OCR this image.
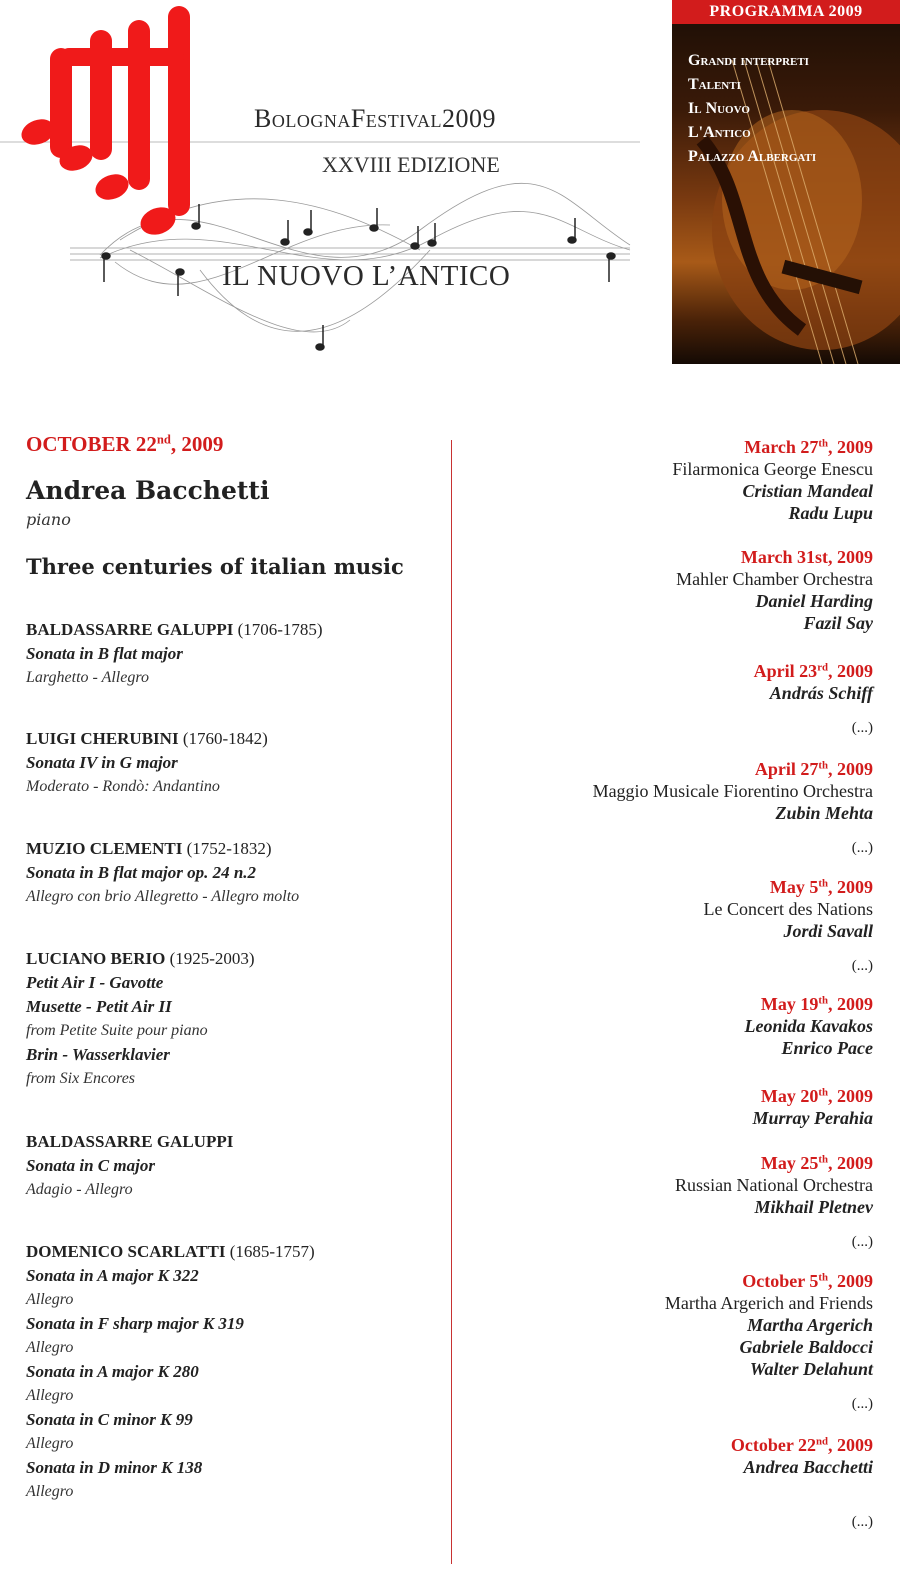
BolognaFestival2009
XXVIII EDIZIONE
IL NUOVO L’ANTICO
PROGRAMMA 2009
Grandi interpreti
Talenti
Il Nuovo
L'Antico
Palazzo Albergati
OCTOBER 22nd, 2009
Andrea Bacchetti
piano
Three centuries of italian music
BALDASSARRE GALUPPI (1706-1785)
Sonata in B flat major
Larghetto - Allegro
LUIGI CHERUBINI (1760-1842)
Sonata IV in G major
Moderato - Rondò: Andantino
MUZIO CLEMENTI (1752-1832)
Sonata in B flat major op. 24 n.2
Allegro con brio Allegretto - Allegro molto
LUCIANO BERIO (1925-2003)
Petit Air I - Gavotte
Musette - Petit Air II
from Petite Suite pour piano
Brin - Wasserklavier
from Six Encores
BALDASSARRE GALUPPI
Sonata in C major
Adagio - Allegro
DOMENICO SCARLATTI (1685-1757)
Sonata in A major K 322
Allegro
Sonata in F sharp major K 319
Allegro
Sonata in A major K 280
Allegro
Sonata in C minor K 99
Allegro
Sonata in D minor K 138
Allegro
March 27th, 2009
Filarmonica George Enescu
Cristian Mandeal
Radu Lupu
March 31st, 2009
Mahler Chamber Orchestra
Daniel Harding
Fazil Say
April 23rd, 2009
András Schiff
(...)
April 27th, 2009
Maggio Musicale Fiorentino Orchestra
Zubin Mehta
(...)
May 5th, 2009
Le Concert des Nations
Jordi Savall
(...)
May 19th, 2009
Leonida Kavakos
Enrico Pace
May 20th, 2009
Murray Perahia
May 25th, 2009
Russian National Orchestra
Mikhail Pletnev
(...)
October 5th, 2009
Martha Argerich and Friends
Martha Argerich
Gabriele Baldocci
Walter Delahunt
(...)
October 22nd, 2009
Andrea Bacchetti
(...)
